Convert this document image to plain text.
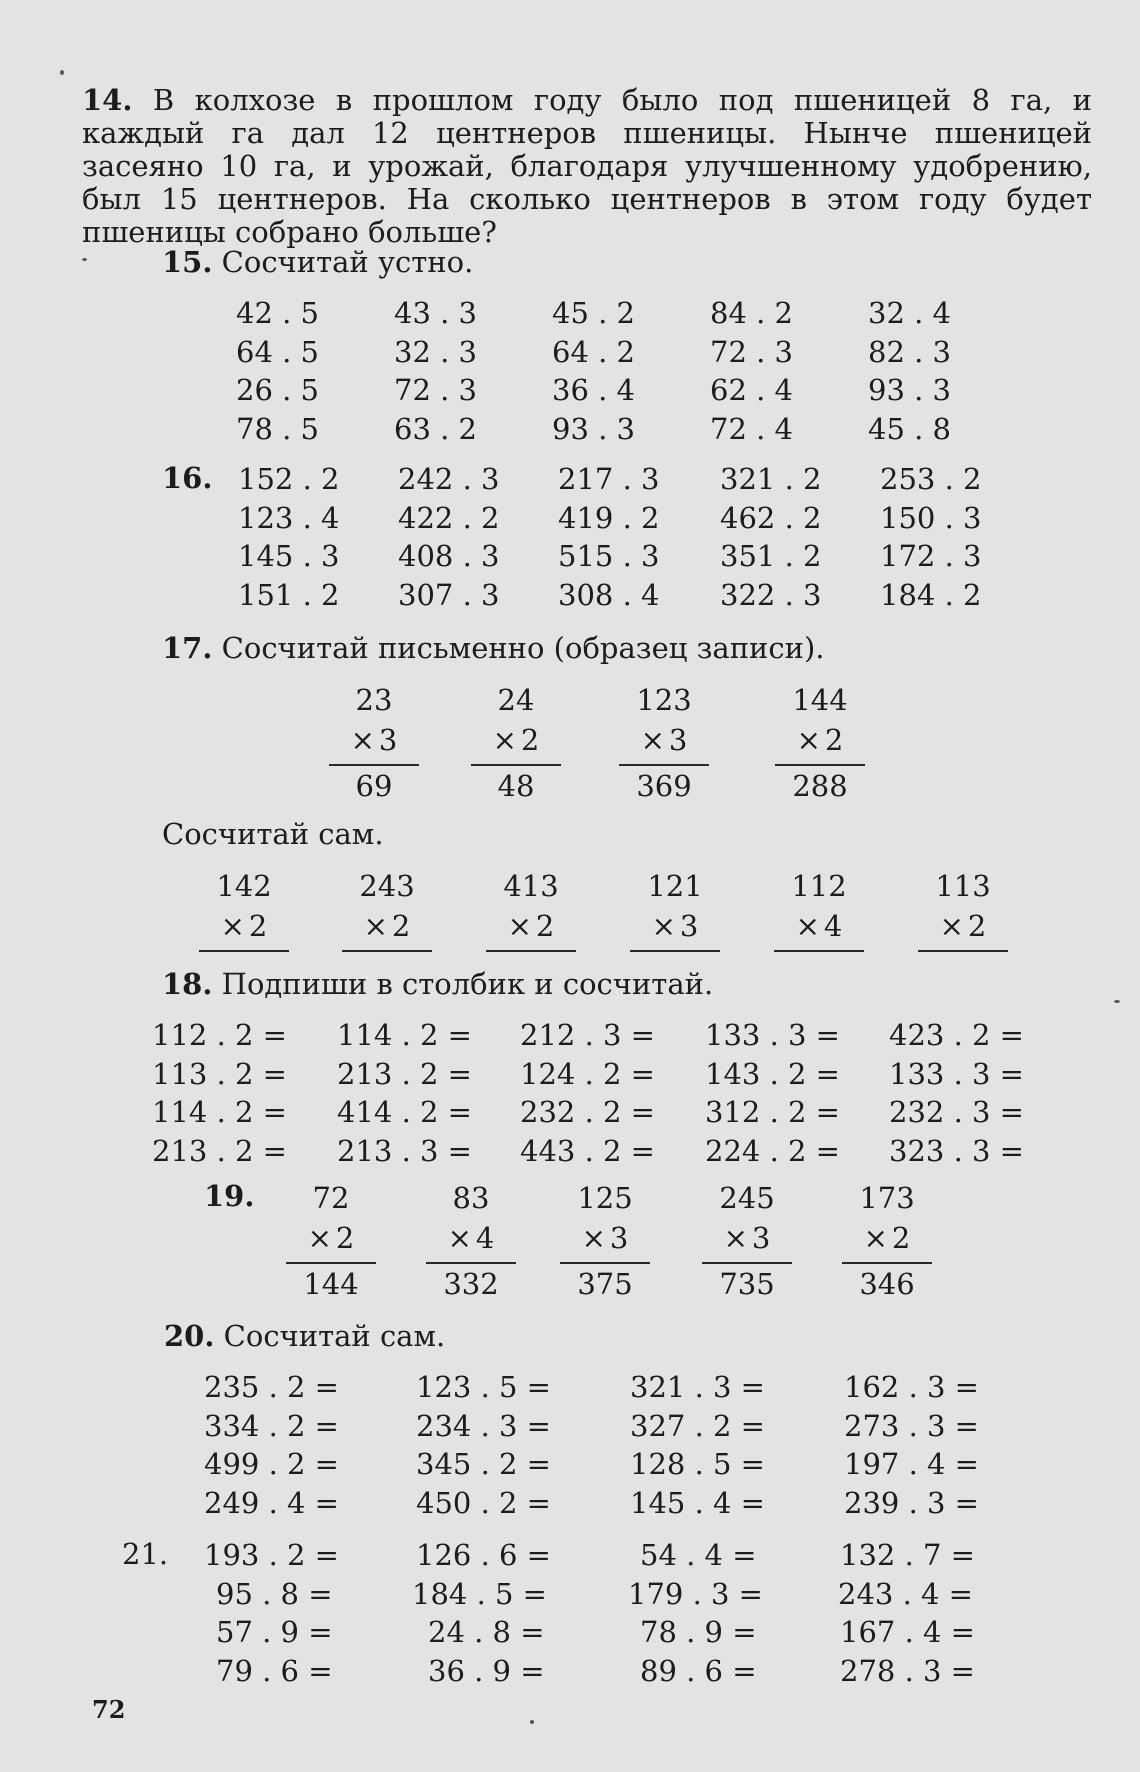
14. В колхозе в прошлом году было под пшеницей 8 га, и каждый га дал 12 центнеров пшеницы. Нынче пшеницей засеяно 10 га, и урожай, благодаря улучшенному удобрению, был 15 центнеров. На сколько центнеров в этом году будет пшеницы собрано больше?

15. Сосчитай устно.
42 . 5	43 . 3	45 . 2	84 . 2	32 . 4
64 . 5	32 . 3	64 . 2	72 . 3	82 . 3
26 . 5	72 . 3	36 . 4	62 . 4	93 . 3
78 . 5	63 . 2	93 . 3	72 . 4	45 . 8
16. 152 . 2 242 . 3 217 . 3 321 . 2 253 . 2
123 . 4 422 . 2 419 . 2 462 . 2 150 . 3
145 . 3 408 . 3 515 . 3 351 . 2 172 . 3
151 . 2 307 . 3 308 . 4 322 . 3 184 . 2
17. Сосчитай письменно (образец записи).
23
× 3
69
24
× 2
48
123
× 3
369
144
× 2
288
Сосчитай сам.
142
× 2
243
× 2
413
× 2
121
× 3
112
× 4
113
× 2
18. Подпиши в столбик и сосчитай.
112 . 2 = 114 . 2 = 212 . 3 = 133 . 3 = 423 . 2 =
113 . 2 = 213 . 2 = 124 . 2 = 143 . 2 = 133 . 3 =
114 . 2 = 414 . 2 = 232 . 2 = 312 . 2 = 232 . 3 =
213 . 2 = 213 . 3 = 443 . 2 = 224 . 2 = 323 . 3 =
19.	72
× 2
144
83
× 4
332
125
× 3
375
245
× 3
735
173
× 2
346
20. Сосчитай сам.
235 . 2 =	123 . 5 =	321 . 3 =	162 . 3 =
334 . 2 =	234 . 3 =	327 . 2 =	273 . 3 =
499 . 2 =	345 . 2 =	128 . 5 =	197 . 4 =
249 . 4 =	450 . 2 =	145 . 4 =	239 . 3 =
21. 193 . 2 =	126 . 6 =	54 . 4 =	132 . 7 =
95 . 8 =	184 . 5 =	179 . 3 =	243 . 4 =
57 . 9 =	24 . 8 =	78 . 9 =	167 . 4 =
79 . 6 =	36 . 9 =	89 . 6 =	278 . 3 =
72
